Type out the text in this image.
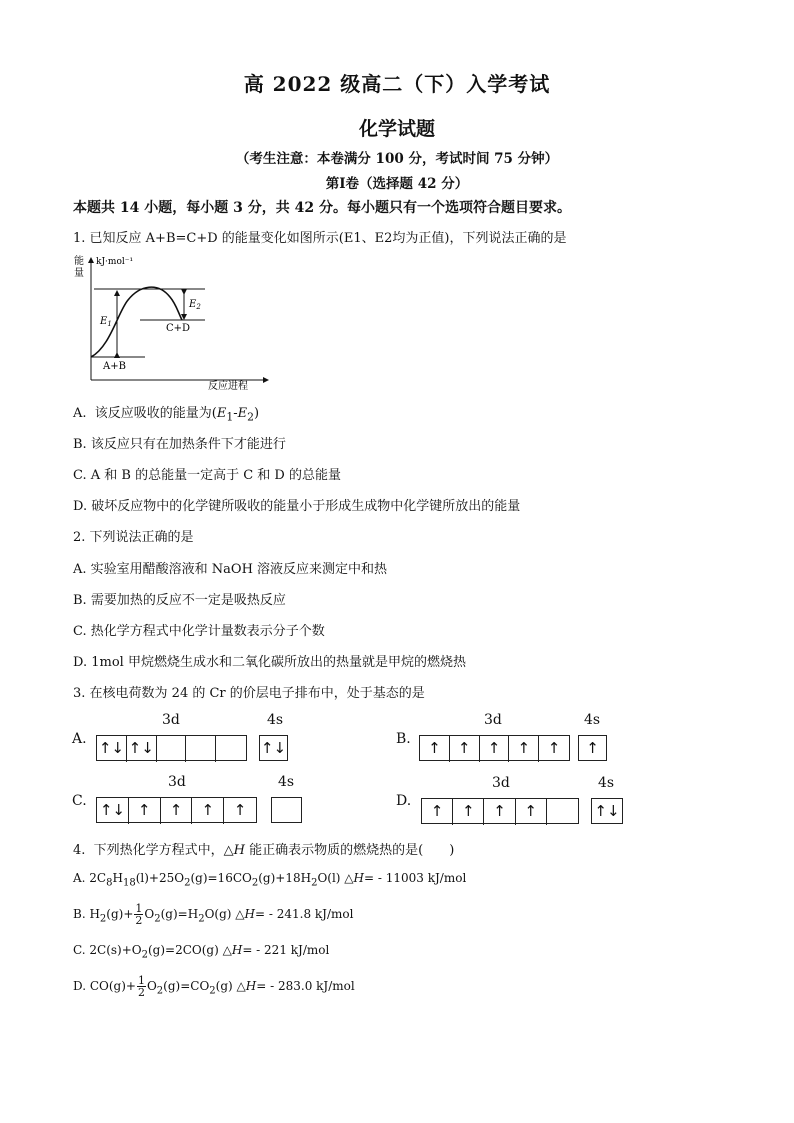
高 2022 级高二（下）入学考试
化学试题
（考生注意：本卷满分 100 分，考试时间 75 分钟）
第Ⅰ卷（选择题 42 分）
本题共 14 小题，每小题 3 分，共 42 分。每小题只有一个选项符合题目要求。
1. 已知反应 A+B=C+D 的能量变化如图所示(E1、E2均为正值)，下列说法正确的是
能
量
kJ·mol⁻¹
反应进程
$E_1$
$E_2$
C+D
A+B
A.  该反应吸收的能量为$(E_1-E_2)$
B. 该反应只有在加热条件下才能进行
C. A 和 B 的总能量一定高于 C 和 D 的总能量
D. 破坏反应物中的化学键所吸收的能量小于形成生成物中化学键所放出的能量
2. 下列说法正确的是
A. 实验室用醋酸溶液和 NaOH 溶液反应来测定中和热
B. 需要加热的反应不一定是吸热反应
C. 热化学方程式中化学计量数表示分子个数
D. 1mol 甲烷燃烧生成水和二氧化碳所放出的热量就是甲烷的燃烧热
3. 在核电荷数为 24 的 Cr 的价层电子排布中，处于基态的是
A.
3d	4s
↑↓ ↑↓	↑↓	B.
3d	4s
↑	↑	↑	↑	↑	↑
C.
3d	4s
↑↓ ↑	↑	↑	↑	D.
3d	4s
↑	↑	↑	↑	↑↓
4.  下列热化学方程式中，△H 能正确表示物质的燃烧热的是(　　)
A. $2C_8H_{18}(l)+25O_2(g)=16CO_2(g)+18H_2O(l)$ △H= - 11003 kJ/mol
B. $H_2(g)+ \frac{1}{2} O_2(g)=H_2O(g)$ △H= - 241.8 kJ/mol
C. $2C(s)+O_2(g)=2CO(g)$ △H= - 221 kJ/mol
D. $CO(g)+ \frac{1}{2} O_2(g)=CO_2(g)$ △H= - 283.0 kJ/mol
